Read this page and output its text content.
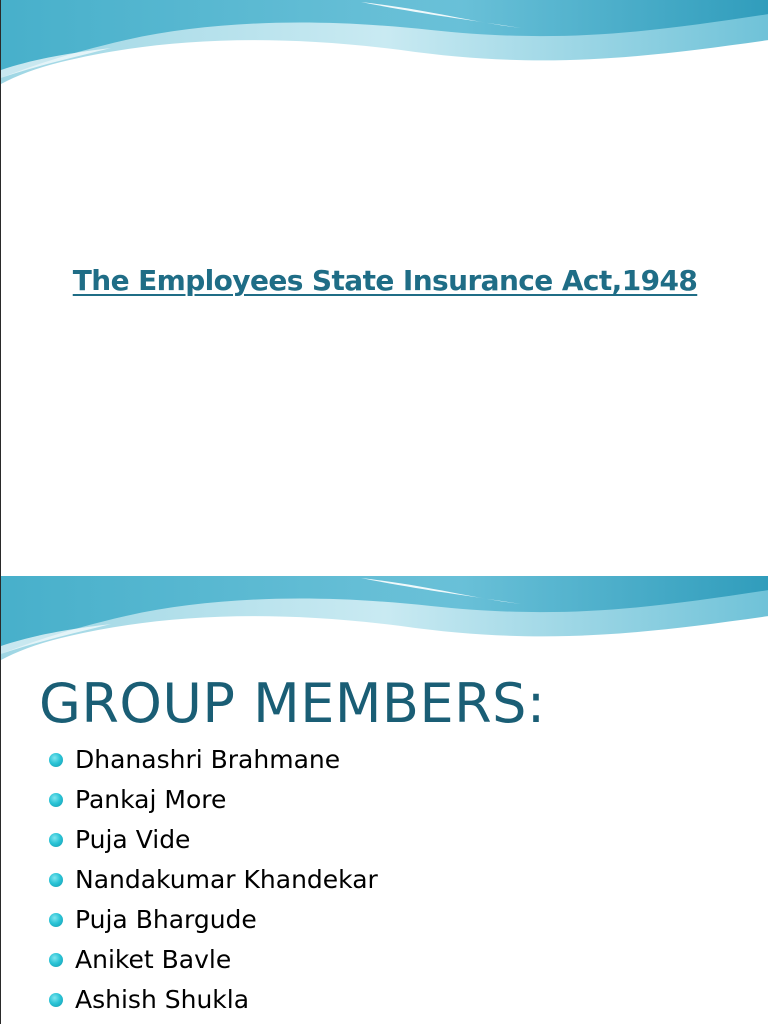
The Employees State Insurance Act,1948
GROUP MEMBERS:
Dhanashri Brahmane
Pankaj More
Puja Vide
Nandakumar Khandekar
Puja Bhargude
Aniket Bavle
Ashish Shukla
